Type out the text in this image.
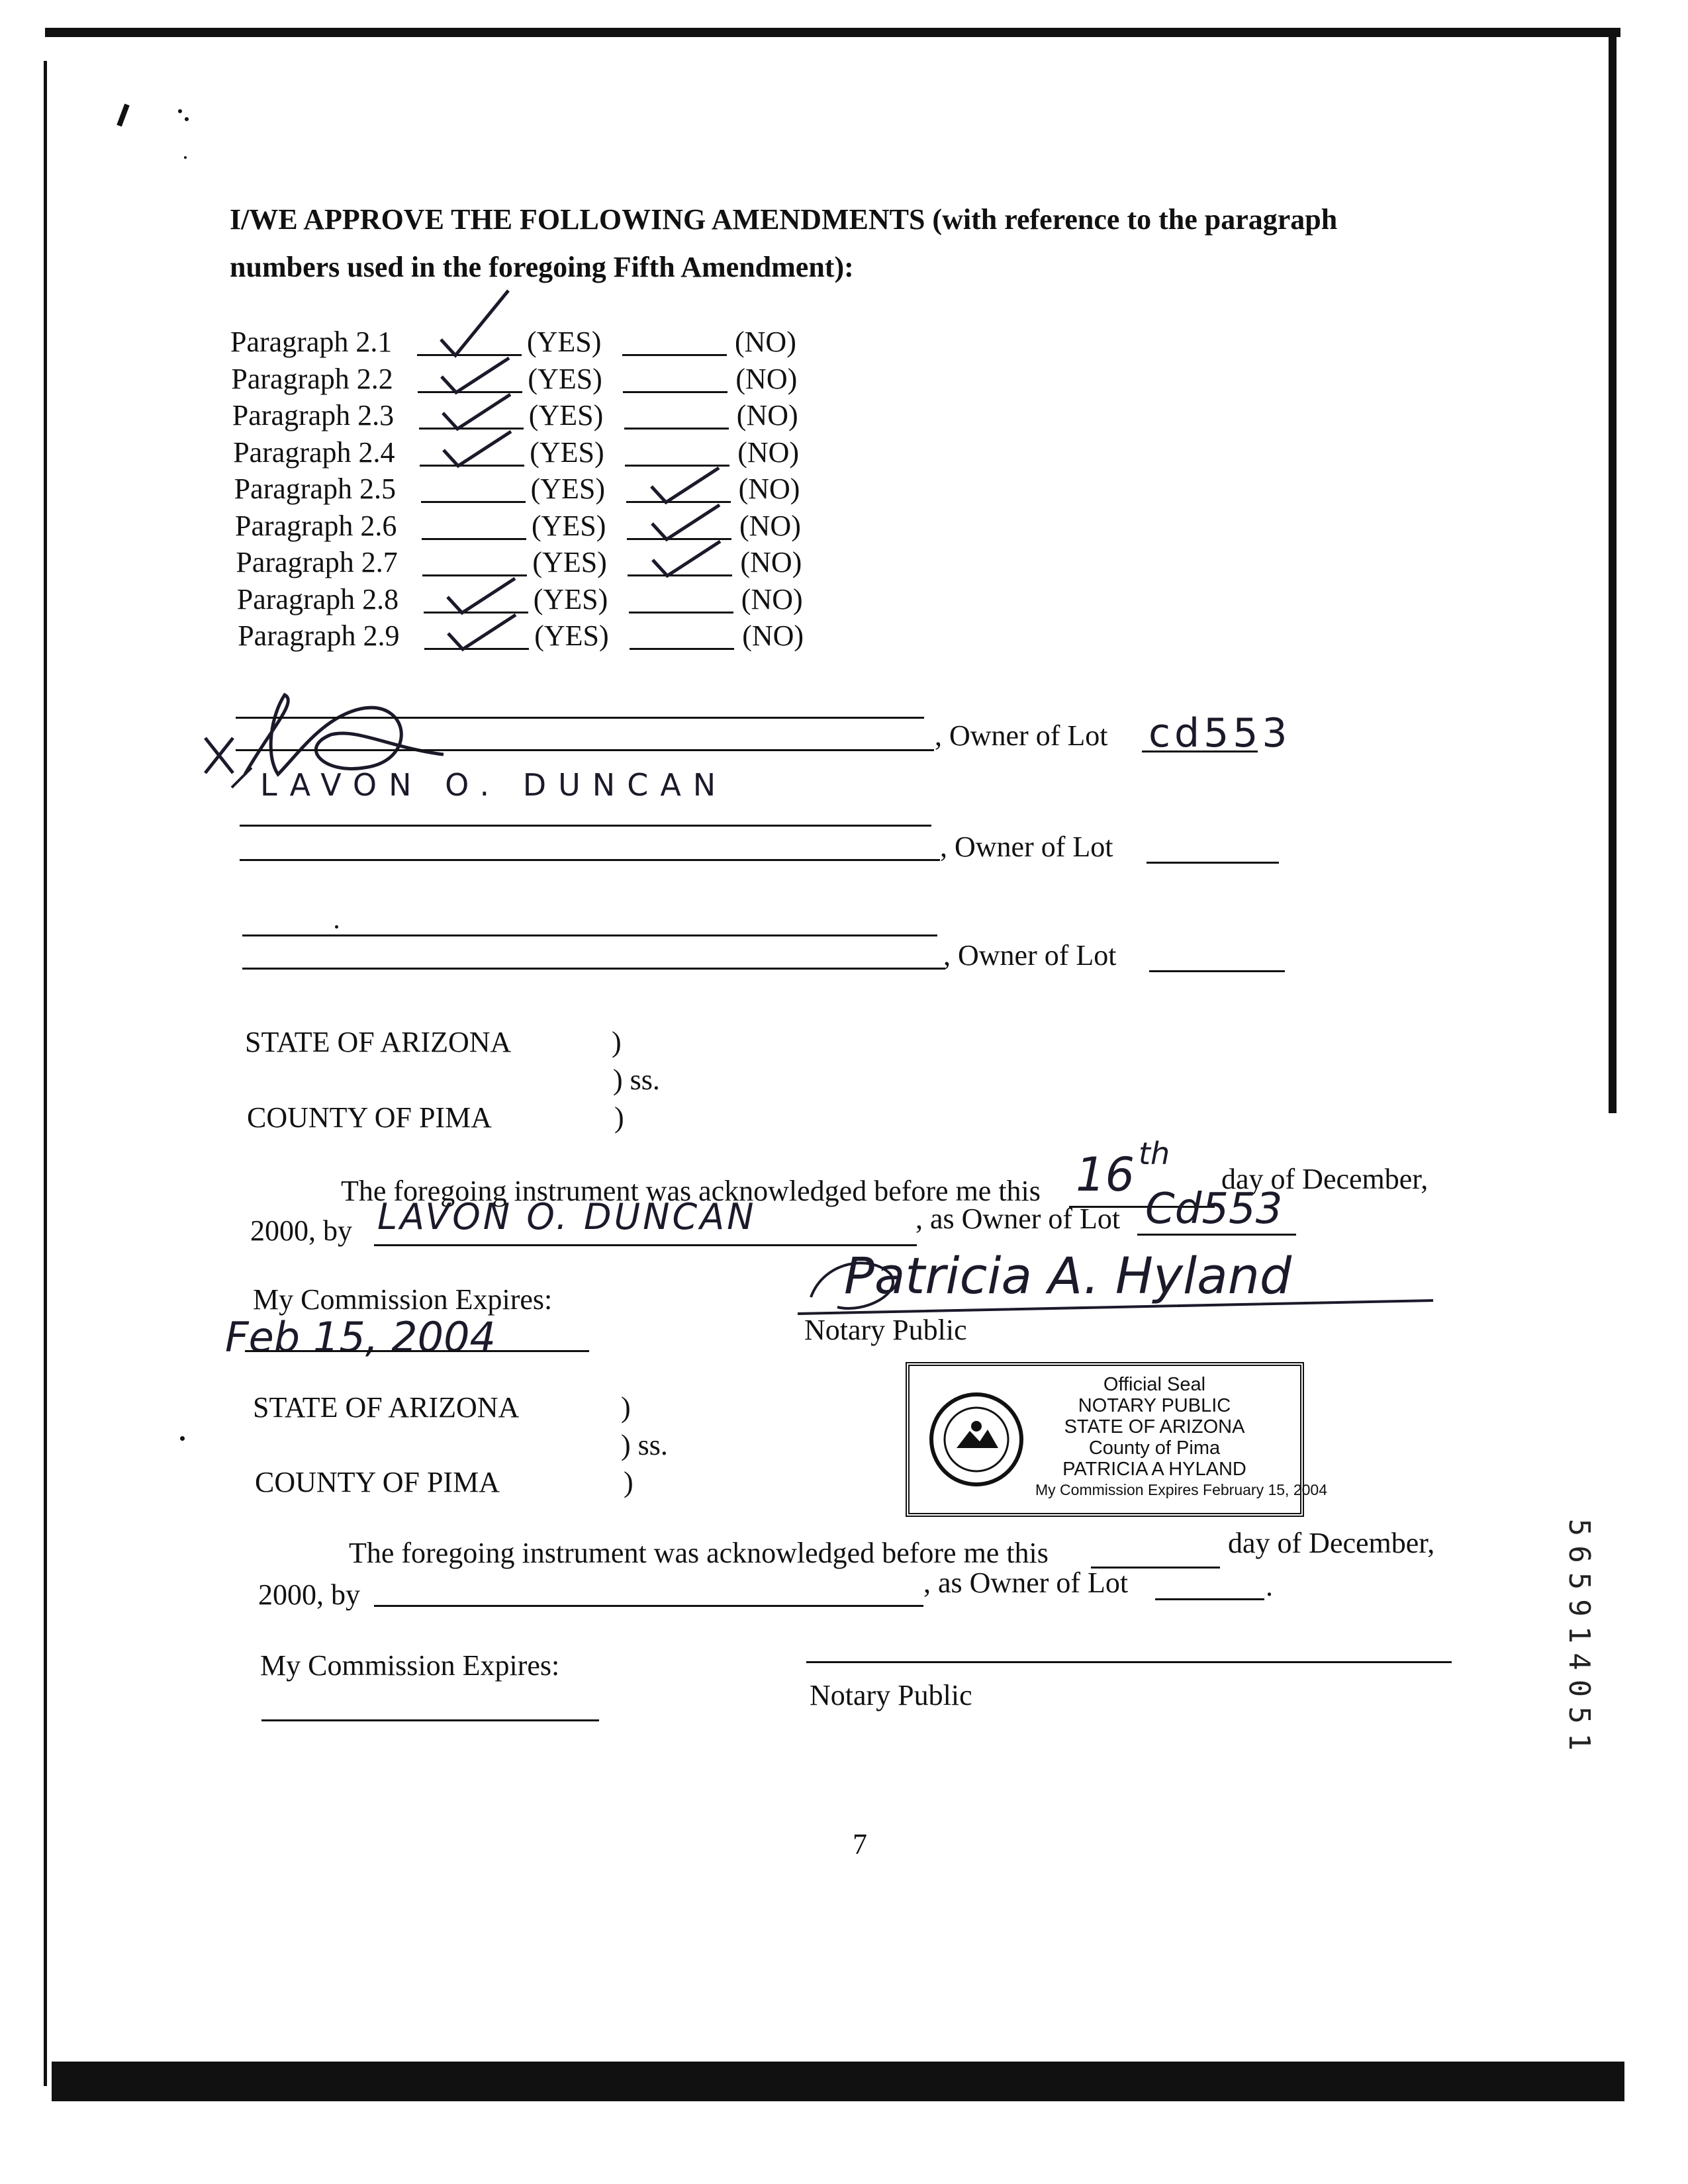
I/WE APPROVE THE FOLLOWING AMENDMENTS (with reference to the paragraph
numbers used in the foregoing Fifth Amendment):
Paragraph 2.1	(YES)	(NO)
Paragraph 2.2	(YES)	(NO)
Paragraph 2.3	(YES)	(NO)
Paragraph 2.4	(YES)	(NO)
Paragraph 2.5	(YES)	(NO)
Paragraph 2.6	(YES)	(NO)
Paragraph 2.7	(YES)	(NO)
Paragraph 2.8	(YES)	(NO)
Paragraph 2.9	(YES)	(NO)
LAVON O. DUNCAN
, Owner of Lot cd553
, Owner of Lot
, Owner of Lot
STATE OF ARIZONA	)
) ss.
COUNTY OF PIMA	)
The foregoing instrument was acknowledged before me this 16 th
day of December,
2000, by LAVON O. DUNCAN	, as Owner of Lot Cd553
My Commission Expires:
Feb 15, 2004
Patricia A. Hyland
Notary Public
Official Seal
NOTARY PUBLIC
STATE OF ARIZONA
County of Pima
PATRICIA A HYLAND
My Commission Expires February 15, 2004
STATE OF ARIZONA	)
) ss.
COUNTY OF PIMA	)
The foregoing instrument was acknowledged before me this	day of December,
2000, by	, as Owner of Lot	.
My Commission Expires:
Notary Public
7
565914051
